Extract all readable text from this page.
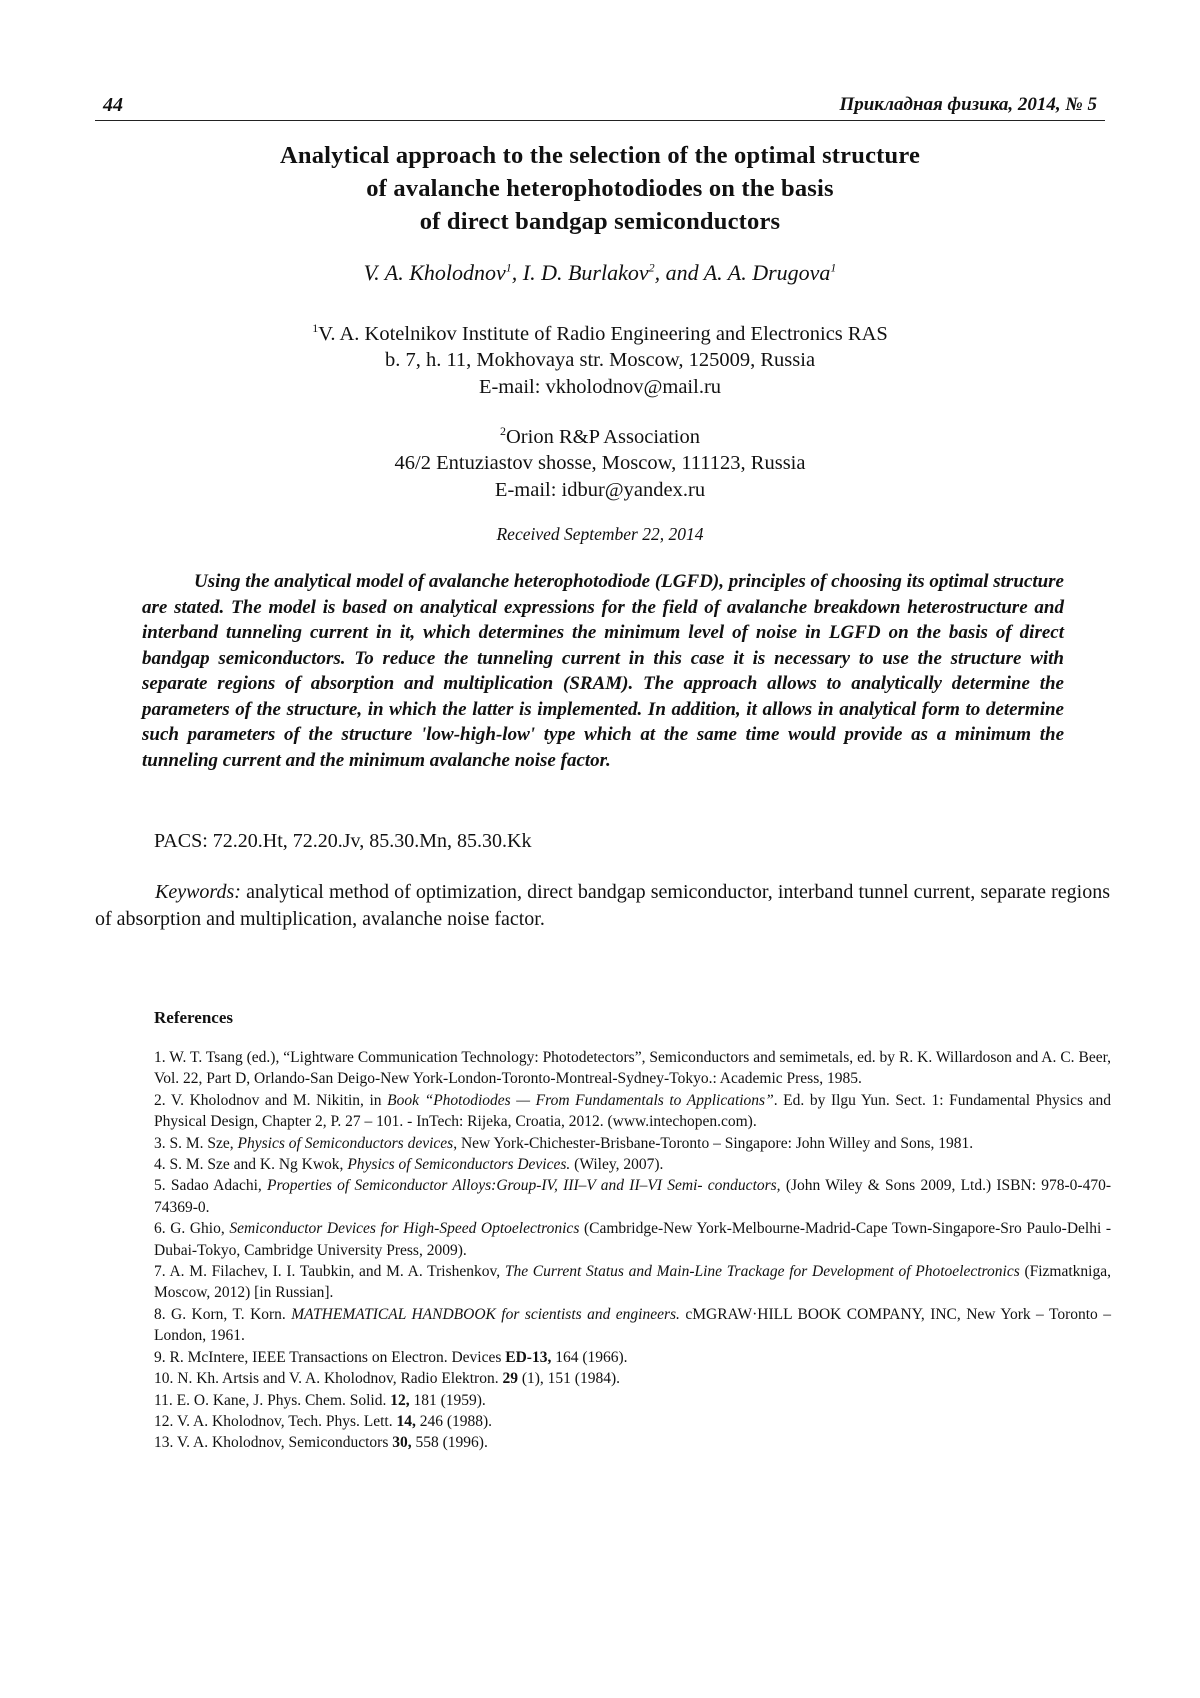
44	Прикладная физика, 2014, № 5
Analytical approach to the selection of the optimal structure
of avalanche heterophotodiodes on the basis
of direct bandgap semiconductors
V. A. Kholodnov$^1$, I. D. Burlakov$^2$, and A. A. Drugova$^1$
$^1$V. A. Kotelnikov Institute of Radio Engineering and Electronics RAS
b. 7, h. 11, Mokhovaya str. Moscow, 125009, Russia
E-mail: vkholodnov@mail.ru
$^2$Orion R&P Association
46/2 Entuziastov shosse, Moscow, 111123, Russia
E-mail: idbur@yandex.ru
Received September 22, 2014
Using the analytical model of avalanche heterophotodiode (LGFD), principles of choosing its optimal structure are stated. The model is based on analytical expressions for the field of avalanche breakdown heterostructure and interband tunneling current in it, which determines the minimum level of noise in LGFD on the basis of direct bandgap semiconductors. To reduce the tunneling current in this case it is necessary to use the structure with separate regions of absorption and multiplication (SRAM). The approach allows to analytically determine the parameters of the structure, in which the latter is implemented. In addition, it allows in analytical form to determine such parameters of the structure 'low-high-low' type which at the same time would provide as a minimum the tunneling current and the minimum avalanche noise factor.
PACS: 72.20.Ht, 72.20.Jv, 85.30.Mn, 85.30.Kk
Keywords: analytical method of optimization, direct bandgap semiconductor, interband tunnel current, separate regions of absorption and multiplication, avalanche noise factor.
References
1. W. T. Tsang (ed.), “Lightware Communication Technology: Photodetectors”, Semiconductors and semimetals, ed. by R. K. Willardoson and A. C. Beer, Vol. 22, Part D, Orlando-San Deigo-New York-London-Toronto-Montreal-Sydney-Tokyo.: Academic Press, 1985.
2. V. Kholodnov and M. Nikitin, in Book “Photodiodes — From Fundamentals to Applications”. Ed. by Ilgu Yun. Sect. 1: Fundamental Physics and Physical Design, Chapter 2, P. 27 – 101. - InTech: Rijeka, Croatia, 2012. (www.intechopen.com).
3. S. M. Sze, Physics of Semiconductors devices, New York-Chichester-Brisbane-Toronto – Singapore: John Willey and Sons, 1981.
4. S. M. Sze and K. Ng Kwok, Physics of Semiconductors Devices. (Wiley, 2007).
5. Sadao Adachi, Properties of Semiconductor Alloys:Group-IV, III–V and II–VI Semi- conductors, (John Wiley & Sons 2009, Ltd.) ISBN: 978-0-470-74369-0.
6. G. Ghio, Semiconductor Devices for High-Speed Optoelectronics (Cambridge-New York-Melbourne-Madrid-Cape Town-Singapore-Sro Paulo-Delhi - Dubai-Tokyo, Cambridge University Press, 2009).
7. A. M. Filachev, I. I. Taubkin, and M. A. Trishenkov, The Current Status and Main-Line Trackage for Development of Photoelectronics (Fizmatkniga, Moscow, 2012) [in Russian].
8. G. Korn, T. Korn. MATHEMATICAL HANDBOOK for scientists and engineers. cMGRAW·HILL BOOK COMPANY, INC, New York – Toronto – London, 1961.
9. R. McIntere, IEEE Transactions on Electron. Devices ED-13, 164 (1966).
10. N. Kh. Artsis and V. A. Kholodnov, Radio Elektron. 29 (1), 151 (1984).
11. E. O. Kane, J. Phys. Chem. Solid. 12, 181 (1959).
12. V. A. Kholodnov, Tech. Phys. Lett. 14, 246 (1988).
13. V. A. Kholodnov, Semiconductors 30, 558 (1996).
